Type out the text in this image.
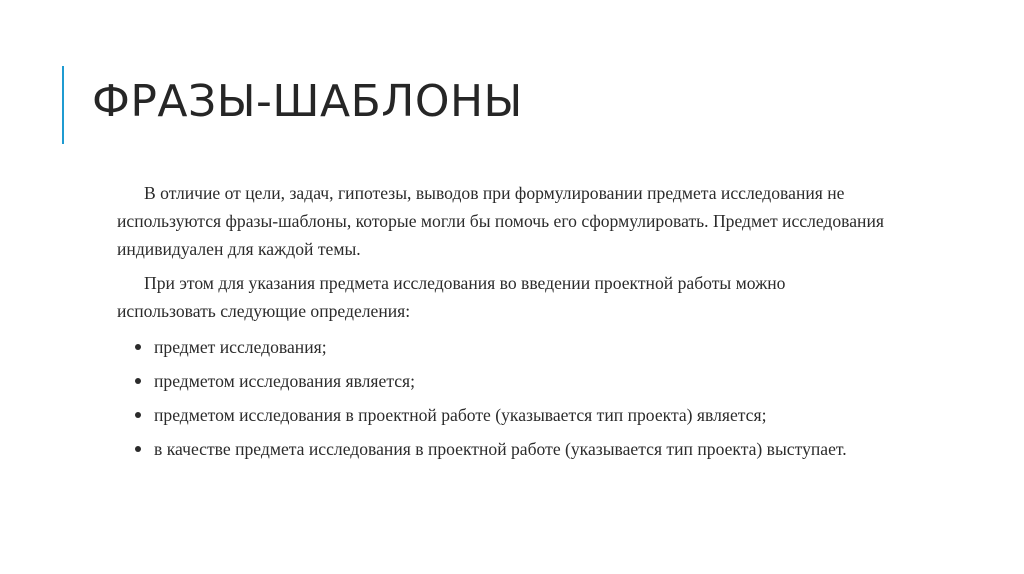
ФРАЗЫ-ШАБЛОНЫ

В отличие от цели, задач, гипотезы, выводов при формулировании предмета исследования не используются фразы-шаблоны, которые могли бы помочь его сформулировать. Предмет исследования индивидуален для каждой темы.

При этом для указания предмета исследования во введении проектной работы можно использовать следующие определения:

предмет исследования;
предметом исследования является;
предметом исследования в проектной работе (указывается тип проекта) является;
в качестве предмета исследования в проектной работе (указывается тип проекта) выступает.
